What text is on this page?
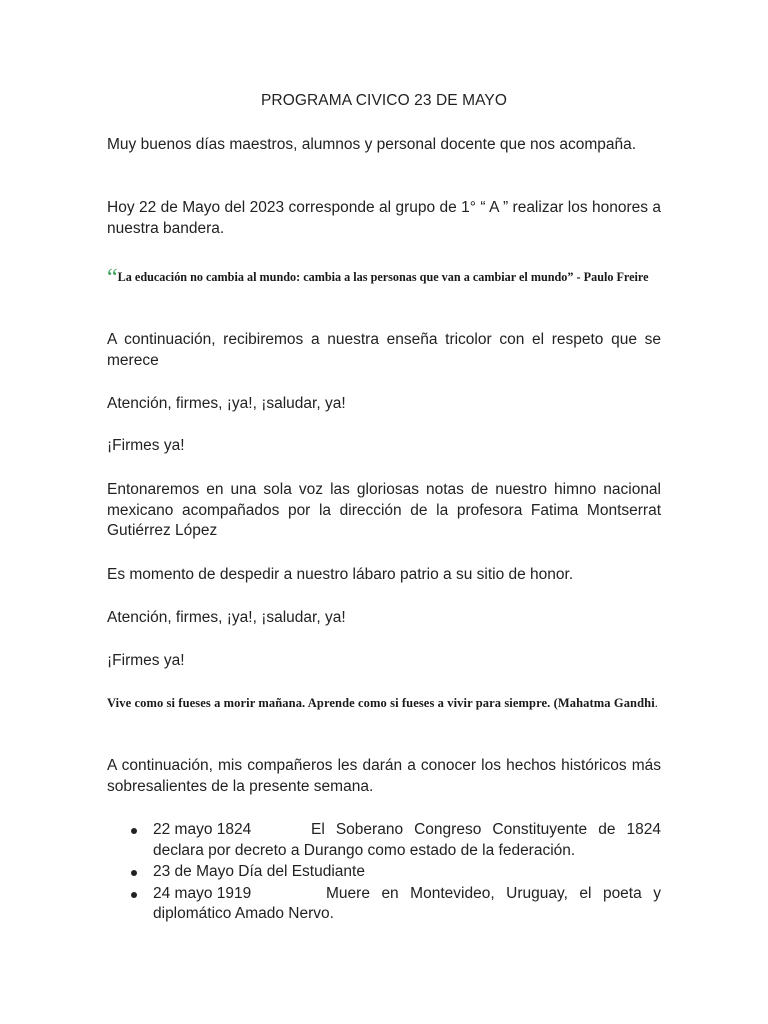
PROGRAMA CIVICO 23 DE MAYO
Muy buenos días maestros, alumnos y personal docente que nos acompaña.
Hoy 22 de Mayo del 2023 corresponde al grupo de 1° “ A ” realizar los honores a nuestra bandera.
“La educación no cambia al mundo: cambia a las personas que van a cambiar el mundo” - Paulo Freire
A continuación, recibiremos a nuestra enseña tricolor con el respeto que se merece
Atención, firmes, ¡ya!, ¡saludar, ya!
¡Firmes ya!
Entonaremos en una sola voz las gloriosas notas de nuestro himno nacional mexicano acompañados por la dirección de la profesora Fatima Montserrat Gutiérrez López
Es momento de despedir a nuestro lábaro patrio a su sitio de honor.
Atención, firmes, ¡ya!, ¡saludar, ya!
¡Firmes ya!
Vive como si fueses a morir mañana. Aprende como si fueses a vivir para siempre. (Mahatma Gandhi.
A continuación, mis compañeros les darán a conocer los hechos históricos más sobresalientes de la presente semana.
22 mayo 1824	El Soberano Congreso Constituyente de 1824 declara por decreto a Durango como estado de la federación.
23 de Mayo Día del Estudiante
24 mayo 1919	Muere en Montevideo, Uruguay, el poeta y diplomático Amado Nervo.
